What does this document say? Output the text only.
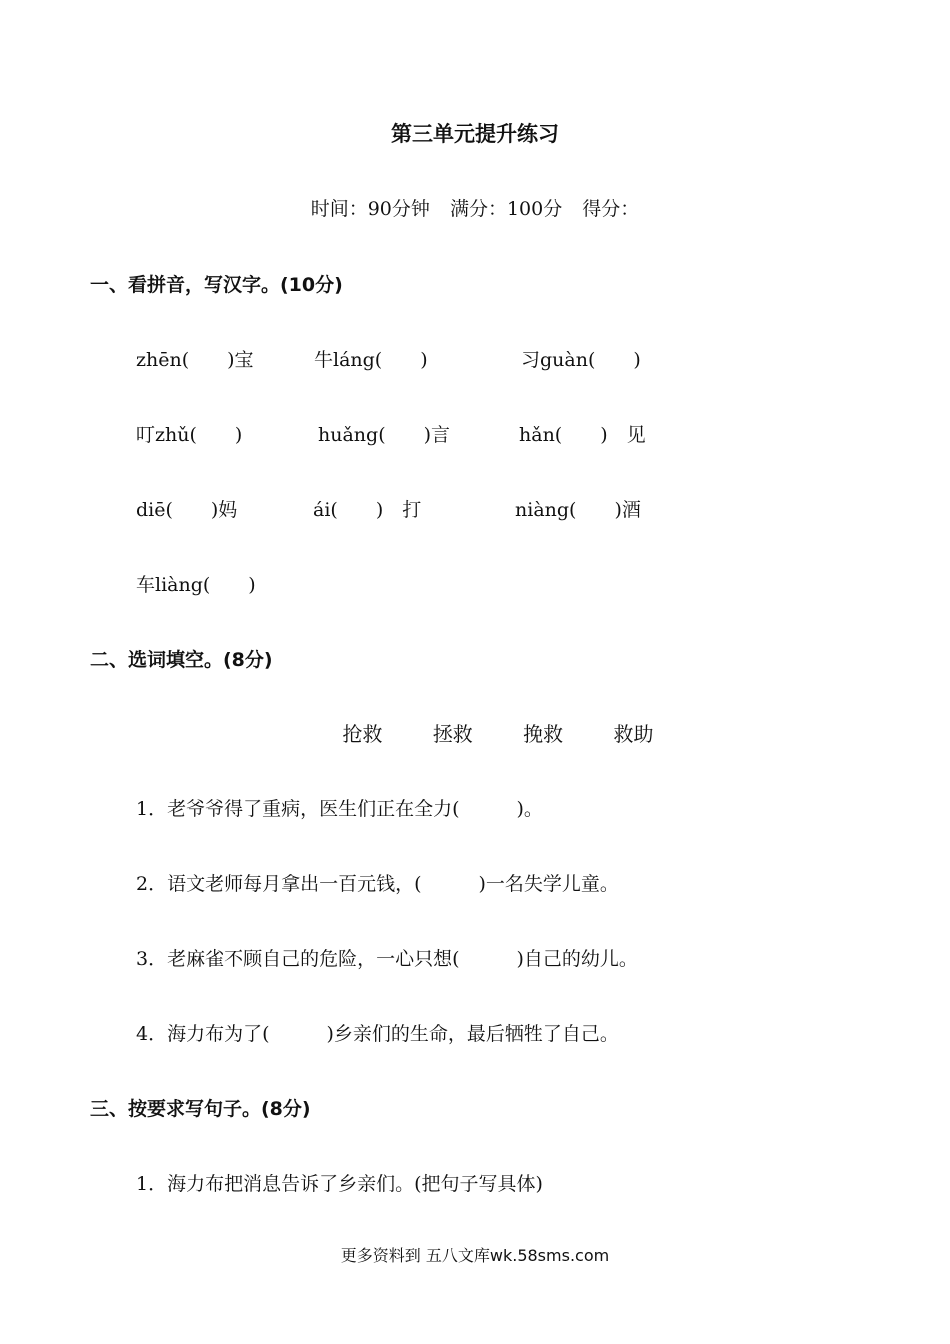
第三单元提升练习
时间：90分钟 满分：100分 得分：
一、看拼音，写汉字。(10分)
zhēn(　　)宝	牛láng(　　)	习guàn(　　)
叮zhǔ(　　)	huǎng(　　)言	hǎn(　　)　见
diē(　　)妈	ái(　　)　打	niàng(　　)酒
车liàng(　　)
二、选词填空。(8分)
抢救	拯救	挽救	救助
1．老爷爷得了重病，医生们正在全力(　　　)。
2．语文老师每月拿出一百元钱，(　　　)一名失学儿童。
3．老麻雀不顾自己的危险，一心只想(　　　)自己的幼儿。
4．海力布为了(　　　)乡亲们的生命，最后牺牲了自己。
三、按要求写句子。(8分)
1．海力布把消息告诉了乡亲们。(把句子写具体)
更多资料到 五八文库wk.58sms.com
